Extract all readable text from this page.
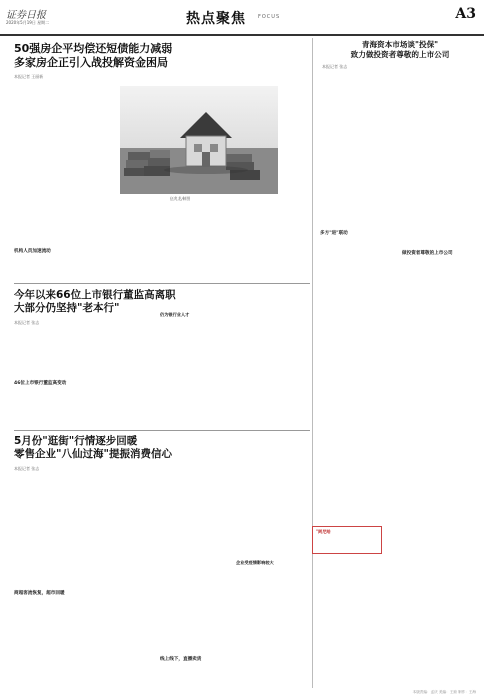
证券日报
2020年5月19日 星期二	热点聚焦 FOCUS	A3
50强房企平均偿还短债能力减弱
多家房企正引入战投解资金困局
本报记者 王丽新
机构人员加速流动
伍兆龙/制图
今年以来66位上市银行董监高离职
大部分仍坚持"老本行"
本报记者 张志
46位上市银行董监高变动
仍为银行业人才
5月份"逛街"行情逐步回暖
零售企业"八仙过海"提振消费信心
本报记者 张志
商超客流恢复，超市回暖
线上线下，直播卖货
企业受疫情影响较大
青海资本市场谈"投保"
致力做投资者尊敬的上市公司
本报记者 张志
多方"进"联动
"阿尼哈
做投资者尊敬的上市公司
本版责编：孟庆 美编：王琼 制作：王海
